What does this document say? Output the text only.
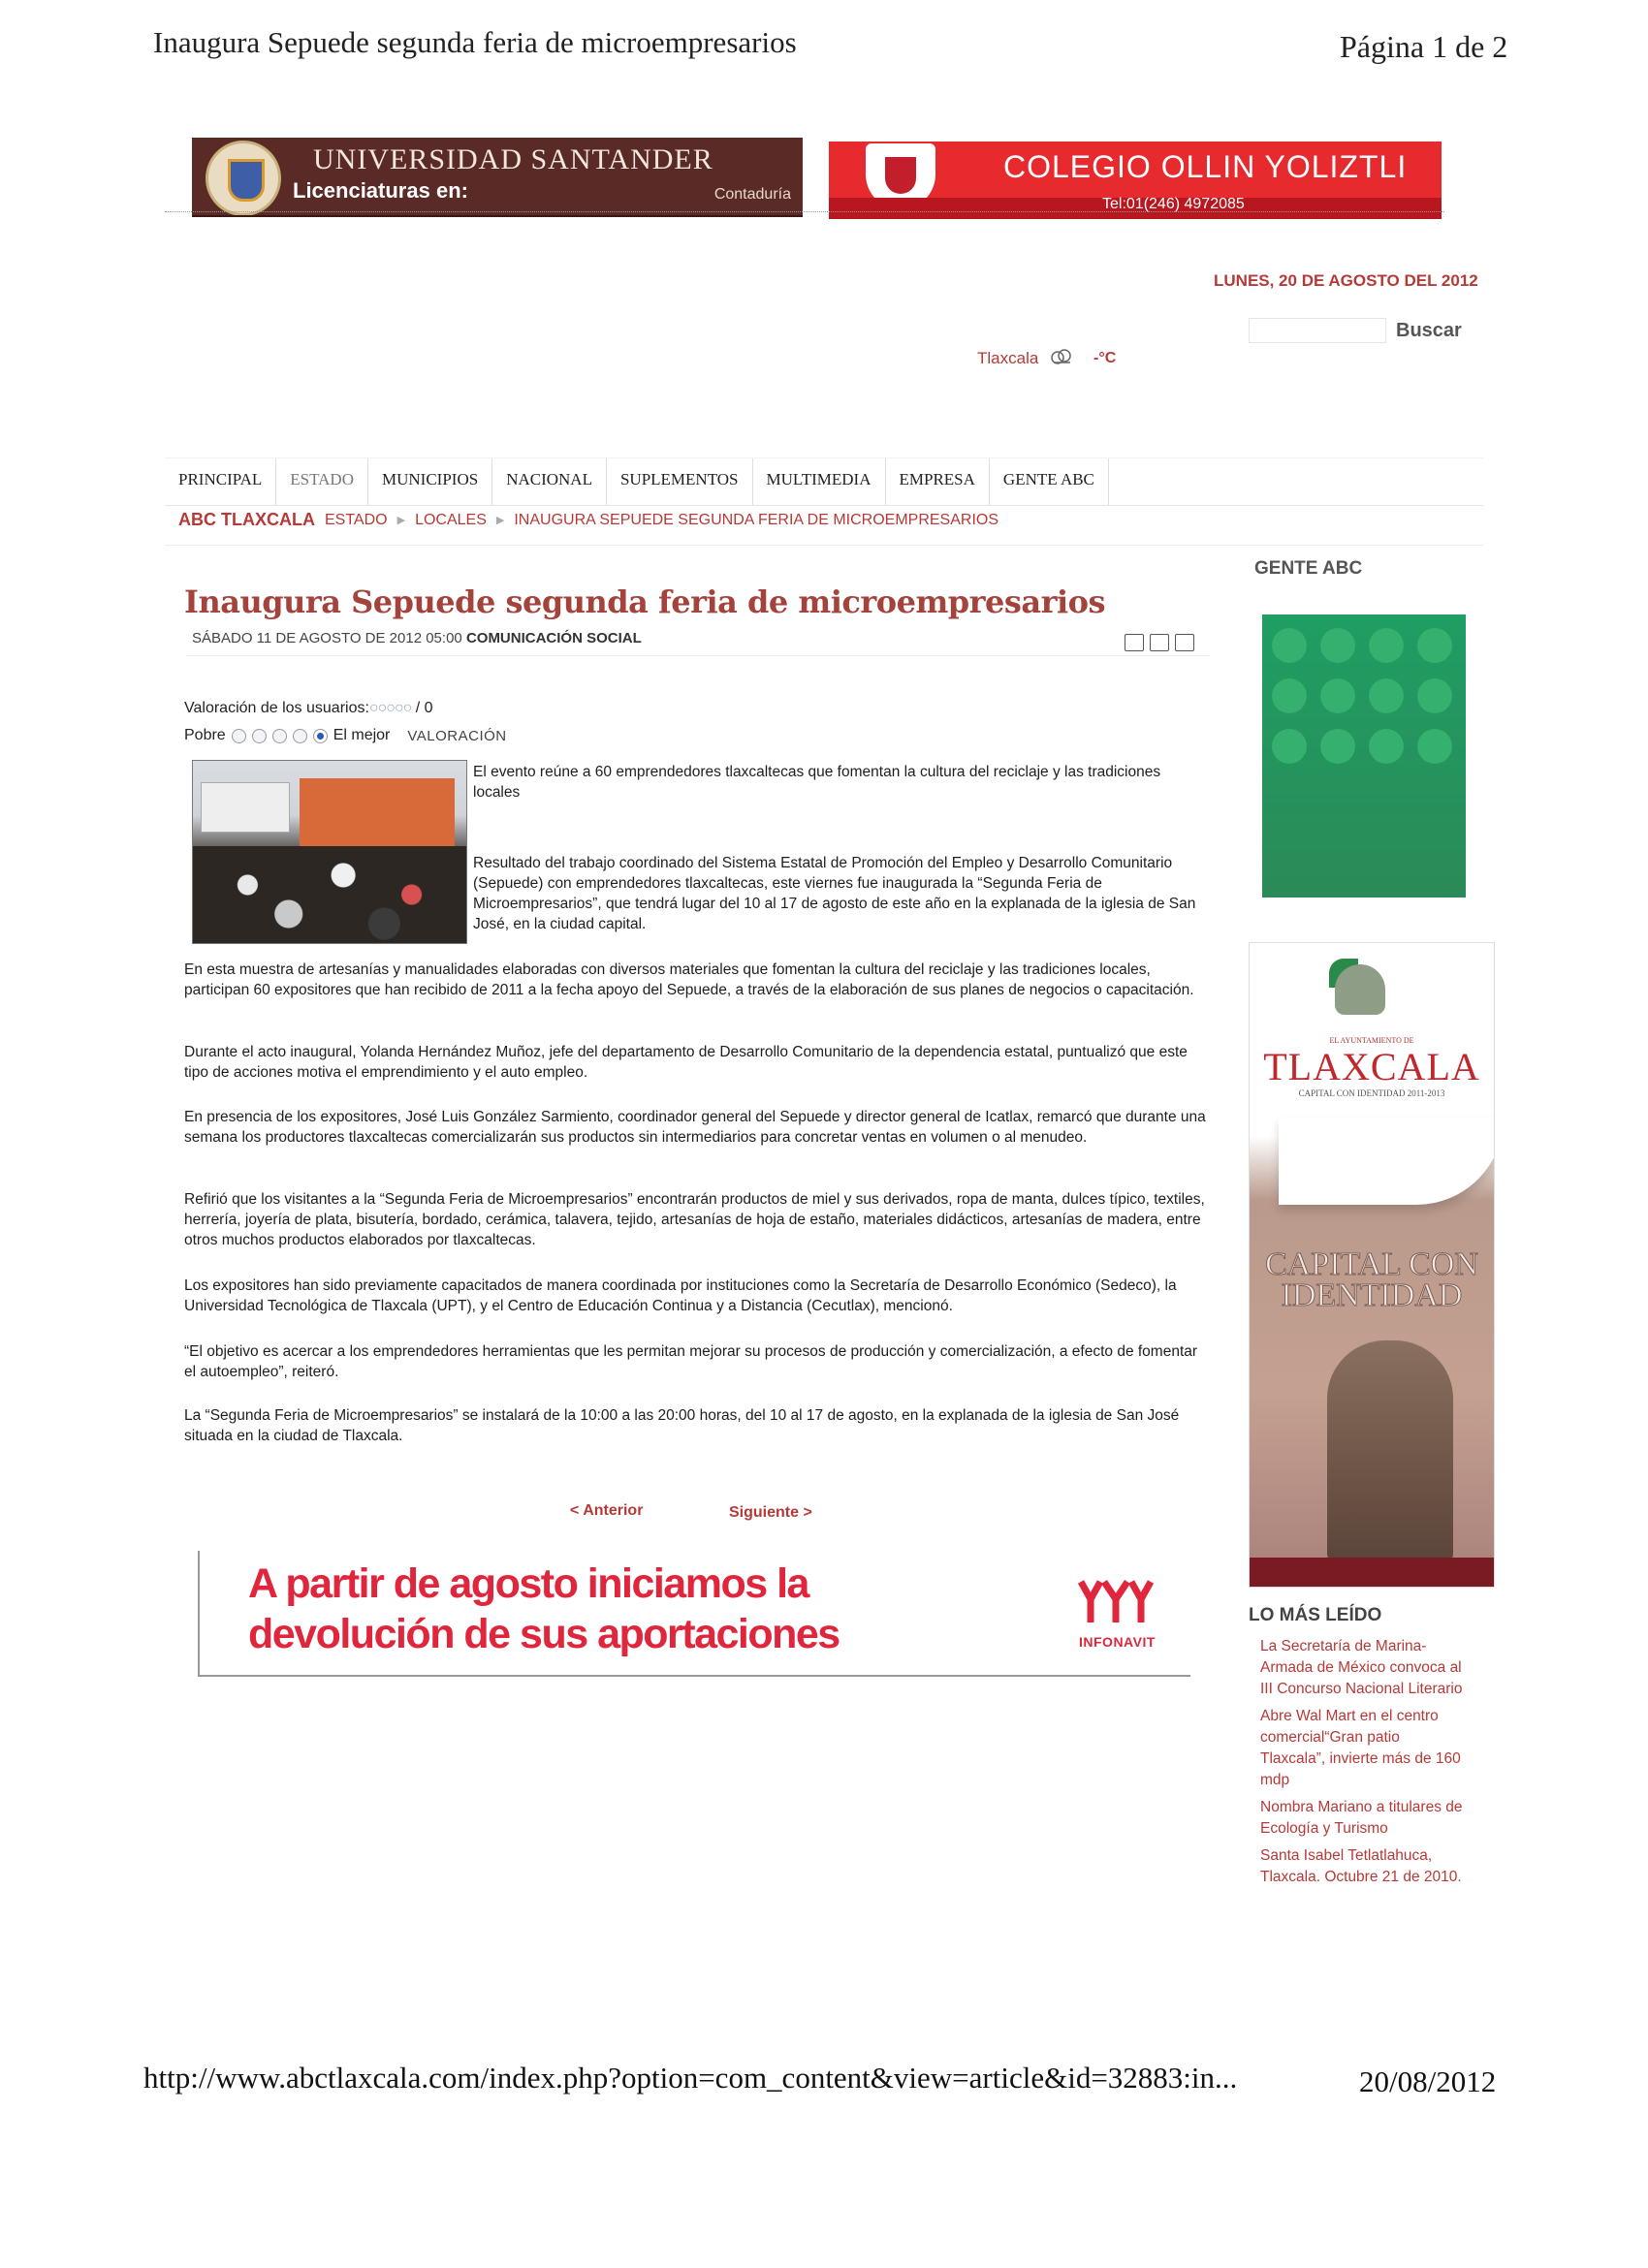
Inaugura Sepuede segunda feria de microempresarios	Página 1 de 2
UNIVERSIDAD SANTANDER
Licenciaturas en:	Contaduría
COLEGIO OLLIN YOLIZTLI
Tel:01(246) 4972085
LUNES, 20 DE AGOSTO DEL 2012
Buscar
Tlaxcala	-°C
PRINCIPAL	ESTADO	MUNICIPIOS	NACIONAL	SUPLEMENTOS	MULTIMEDIA	EMPRESA	GENTE ABC
ABC TLAXCALA ESTADO ▶ LOCALES ▶ INAUGURA SEPUEDE SEGUNDA FERIA DE MICROEMPRESARIOS
Inaugura Sepuede segunda feria de microempresarios
SÁBADO 11 DE AGOSTO DE 2012 05:00 COMUNICACIÓN SOCIAL
Valoración de los usuarios:○○○○○ / 0
Pobre	El mejor VALORACIÓN

El evento reúne a 60 emprendedores tlaxcaltecas que fomentan la cultura del reciclaje y las tradiciones locales

Resultado del trabajo coordinado del Sistema Estatal de Promoción del Empleo y Desarrollo Comunitario (Sepuede) con emprendedores tlaxcaltecas, este viernes fue inaugurada la “Segunda Feria de Microempresarios”, que tendrá lugar del 10 al 17 de agosto de este año en la explanada de la iglesia de San José, en la ciudad capital.

En esta muestra de artesanías y manualidades elaboradas con diversos materiales que fomentan la cultura del reciclaje y las tradiciones locales, participan 60 expositores que han recibido de 2011 a la fecha apoyo del Sepuede, a través de la elaboración de sus planes de negocios o capacitación.

Durante el acto inaugural, Yolanda Hernández Muñoz, jefe del departamento de Desarrollo Comunitario de la dependencia estatal, puntualizó que este tipo de acciones motiva el emprendimiento y el auto empleo.

En presencia de los expositores, José Luis González Sarmiento, coordinador general del Sepuede y director general de Icatlax, remarcó que durante una semana los productores tlaxcaltecas comercializarán sus productos sin intermediarios para concretar ventas en volumen o al menudeo.

Refirió que los visitantes a la “Segunda Feria de Microempresarios” encontrarán productos de miel y sus derivados, ropa de manta, dulces típico, textiles, herrería, joyería de plata, bisutería, bordado, cerámica, talavera, tejido, artesanías de hoja de estaño, materiales didácticos, artesanías de madera, entre otros muchos productos elaborados por tlaxcaltecas.

Los expositores han sido previamente capacitados de manera coordinada por instituciones como la Secretaría de Desarrollo Económico (Sedeco), la Universidad Tecnológica de Tlaxcala (UPT), y el Centro de Educación Continua y a Distancia (Cecutlax), mencionó.

“El objetivo es acercar a los emprendedores herramientas que les permitan mejorar su procesos de producción y comercialización, a efecto de fomentar el autoempleo”, reiteró.

La “Segunda Feria de Microempresarios” se instalará de la 10:00 a las 20:00 horas, del 10 al 17 de agosto, en la explanada de la iglesia de San José situada en la ciudad de Tlaxcala.

< Anterior	Siguiente >
A partir de agosto iniciamos la
devolución de sus aportaciones	INFONAVIT
GENTE ABC
EL AYUNTAMIENTO DE
TLAXCALA
CAPITAL CON IDENTIDAD 2011-2013
CAPITAL CON
IDENTIDAD
LO MÁS LEÍDO
La Secretaría de Marina-Armada de México convoca al III Concurso Nacional Literario
Abre Wal Mart en el centro comercial“Gran patio Tlaxcala”, invierte más de 160 mdp
Nombra Mariano a titulares de Ecología y Turismo
Santa Isabel Tetlatlahuca, Tlaxcala. Octubre 21 de 2010.
http://www.abctlaxcala.com/index.php?option=com_content&view=article&id=32883:in...	20/08/2012
